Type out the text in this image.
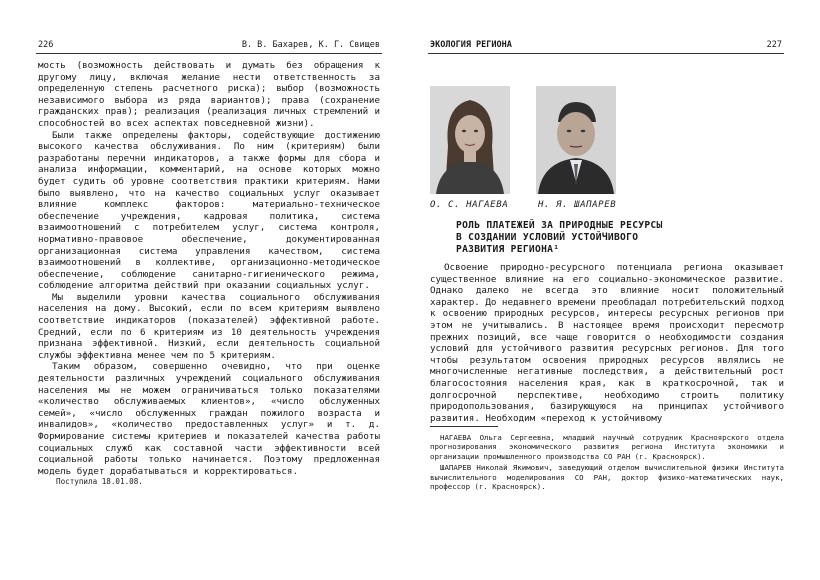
226	В. В. Бахарев, К. Г. Свищев

мость (возможность действовать и думать без обращения к другому лицу, включая желание нести ответственность за определенную степень расчетного риска); выбор (возможность независимого выбора из ряда вариантов); права (сохранение гражданских прав); реализация (реализация личных стремлений и способностей во всех аспектах повседневной жизни).

Были также определены факторы, содействующие достижению высокого качества обслуживания. По ним (критериям) были разработаны перечни индикаторов, а также формы для сбора и анализа информации, комментарий, на основе которых можно будет судить об уровне соответствия практики критериям. Нами было выявлено, что на качество социальных услуг оказывает влияние комплекс факторов: материально-техническое обеспечение учреждения, кадровая политика, система взаимоотношений с потребителем услуг, система контроля, нормативно-правовое обеспечение, документированная организационная система управления качеством, система взаимоотношений в коллективе, организационно-методическое обеспечение, соблюдение санитарно-гигиенического режима, соблюдение алгоритма действий при оказании социальных услуг.

Мы выделили уровни качества социального обслуживания населения на дому. Высокий, если по всем критериям выявлено соответствие индикаторов (показателей) эффективной работе. Средний, если по 6 критериям из 10 деятельность учреждения признана эффективной. Низкий, если деятельность социальной службы эффективна менее чем по 5 критериям.

Таким образом, совершенно очевидно, что при оценке деятельности различных учреждений социального обслуживания населения мы не можем ограничиваться только показателями «количество обслуживаемых клиентов», «число обслуженных семей», «число обслуженных граждан пожилого возраста и инвалидов», «количество предоставленных услуг» и т. д. Формирование системы критериев и показателей качества работы социальных служб как составной части эффективности всей социальной работы только начинается. Поэтому предложенная модель будет дорабатываться и корректироваться.

Поступила 18.01.08.
ЭКОЛОГИЯ РЕГИОНА	227
О. С. НАГАЕВА	Н. Я. ШАПАРЕВ
РОЛЬ ПЛАТЕЖЕЙ ЗА ПРИРОДНЫЕ РЕСУРСЫ
В СОЗДАНИИ УСЛОВИЙ УСТОЙЧИВОГО
РАЗВИТИЯ РЕГИОНА¹

Освоение природно-ресурсного потенциала региона оказывает существенное влияние на его социально-экономическое развитие. Однако далеко не всегда это влияние носит положительный характер. До недавнего времени преобладал потребительский подход к освоению природных ресурсов, интересы ресурсных регионов при этом не учитывались. В настоящее время происходит пересмотр прежних позиций, все чаще говорится о необходимости создания условий для устойчивого развития ресурсных регионов. Для того чтобы результатом освоения природных ресурсов являлись не многочисленные негативные последствия, а действительный рост благосостояния населения края, как в краткосрочной, так и долгосрочной перспективе, необходимо строить политику природопользования, базирующуюся на принципах устойчивого развития. Необходим «переход к устойчивому

НАГАЕВА Ольга Сергеевна, младший научный сотрудник Красноярского отдела прогнозирования экономического развития региона Института экономики и организации промышленного производства СО РАН (г. Красноярск).

ШАПАРЕВ Николай Якимович, заведующий отделом вычислительной физики Института вычислительного моделирования СО РАН, доктор физико-математических наук, профессор (г. Красноярск).
